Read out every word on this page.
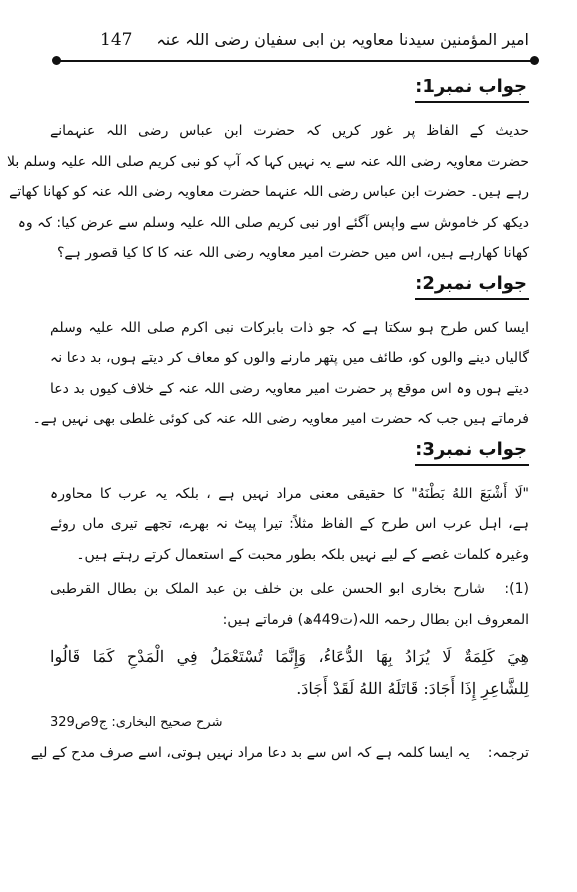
147 امیر المؤمنین سیدنا معاویہ بن ابی سفیان رضی اللہ عنہ
جواب نمبر1:
حدیث کے الفاظ پر غور کریں کہ حضرت ابن عباس رضی اللہ عنہمانے
حضرت معاویہ رضی اللہ عنہ سے یہ نہیں کہا کہ آپ کو نبی کریم صلی اللہ علیہ وسلم بلا
رہے ہیں۔ حضرت ابن عباس رضی اللہ عنہما حضرت معاویہ رضی اللہ عنہ کو کھانا کھاتے
دیکھ کر خاموش سے واپس آگئے اور نبی کریم صلی اللہ علیہ وسلم سے عرض کیا: کہ وہ
کھانا کھارہے ہیں، اس میں حضرت امیر معاویہ رضی اللہ عنہ کا کا کیا قصور ہے؟
جواب نمبر2:
ایسا کس طرح ہو سکتا ہے کہ جو ذات بابرکات نبی اکرم صلی اللہ علیہ وسلم
گالیاں دینے والوں کو، طائف میں پتھر مارنے والوں کو معاف کر دیتے ہوں، بد دعا نہ
دیتے ہوں وہ اس موقع پر حضرت امیر معاویہ رضی اللہ عنہ کے خلاف کیوں بد دعا
فرماتے ہیں جب کہ حضرت امیر معاویہ رضی اللہ عنہ کی کوئی غلطی بھی نہیں ہے۔
جواب نمبر3:
"لَا أَشْبَعَ اللهُ بَطْنَهُ" کا حقیقی معنی مراد نہیں ہے ، بلکہ یہ عرب کا محاورہ
ہے، اہل عرب اس طرح کے الفاظ مثلاً: تیرا پیٹ نہ بھرے، تجھے تیری ماں روئے
وغیرہ کلمات غصے کے لیے نہیں بلکہ بطور محبت کے استعمال کرتے رہتے ہیں۔
(1):
شارح بخاری ابو الحسن علی بن خلف بن عبد الملک بن بطال القرطبی
المعروف ابن بطال رحمہ اللہ(ت449ھ) فرماتے ہیں:
هِيَ كَلِمَةٌ لَا يُرَادُ بِهَا الدُّعَاءُ، وَإِنَّمَا تُسْتَعْمَلُ فِي الْمَدْحِ كَمَا قَالُوا
لِلشَّاعِرِ إِذَا أَجَادَ: قَاتَلَهُ اللهُ لَقَدْ أَجَادَ.
شرح صحیح البخاری: ج9ص329
ترجمہ:یہ ایسا کلمہ ہے کہ اس سے بد دعا مراد نہیں ہوتی، اسے صرف مدح کے لیے
